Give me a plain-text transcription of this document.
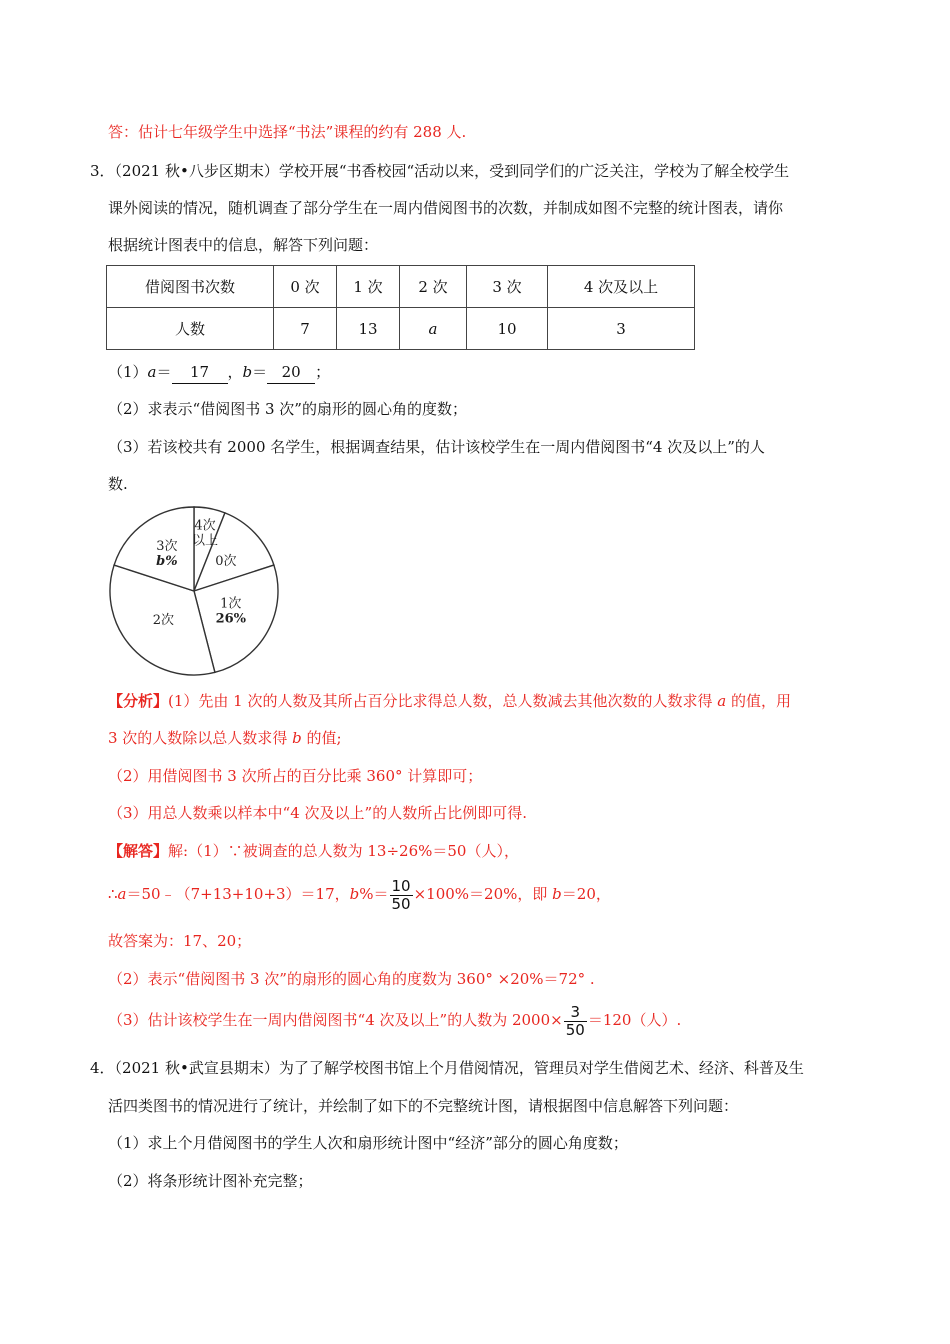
答：估计七年级学生中选择“书法”课程的约有 288 人.
3．（2021 秋•八步区期末）学校开展“书香校园“活动以来，受到同学们的广泛关注，学校为了解全校学生
课外阅读的情况，随机调查了部分学生在一周内借阅图书的次数，并制成如图不完整的统计图表，请你
根据统计图表中的信息，解答下列问题：
借阅图书次数	0 次	1 次	2 次	3 次	4 次及以上
人数	7	13	a	10	3
（1）a＝ 17 ，b＝ 20 ；
（2）求表示“借阅图书 3 次”的扇形的圆心角的度数；
（3）若该校共有 2000 名学生，根据调查结果，估计该校学生在一周内借阅图书“4 次及以上”的人
数.
4次
以上
0次
1次
26%
2次
3次
b%
【分析】(1）先由 1 次的人数及其所占百分比求得总人数，总人数减去其他次数的人数求得 a 的值，用
3 次的人数除以总人数求得 b 的值;
（2）用借阅图书 3 次所占的百分比乘 360° 计算即可；
（3）用总人数乘以样本中“4 次及以上”的人数所占比例即可得.
【解答】解:（1）∵被调查的总人数为 13÷26%＝50（人），
∴a＝50﹣（7+13+10+3）＝17，$b\%= \frac{10}{50} \times 100\%=20\%$，即 b＝20，
故答案为：17、20；
（2）表示“借阅图书 3 次”的扇形的圆心角的度数为 360° ×20%＝72° .
（3）估计该校学生在一周内借阅图书“4 次及以上”的人数为 $2000\times \frac{3}{50} =120$（人）.
4．（2021 秋•武宣县期末）为了了解学校图书馆上个月借阅情况，管理员对学生借阅艺术、经济、科普及生
活四类图书的情况进行了统计，并绘制了如下的不完整统计图，请根据图中信息解答下列问题：
（1）求上个月借阅图书的学生人次和扇形统计图中“经济”部分的圆心角度数；
（2）将条形统计图补充完整；
